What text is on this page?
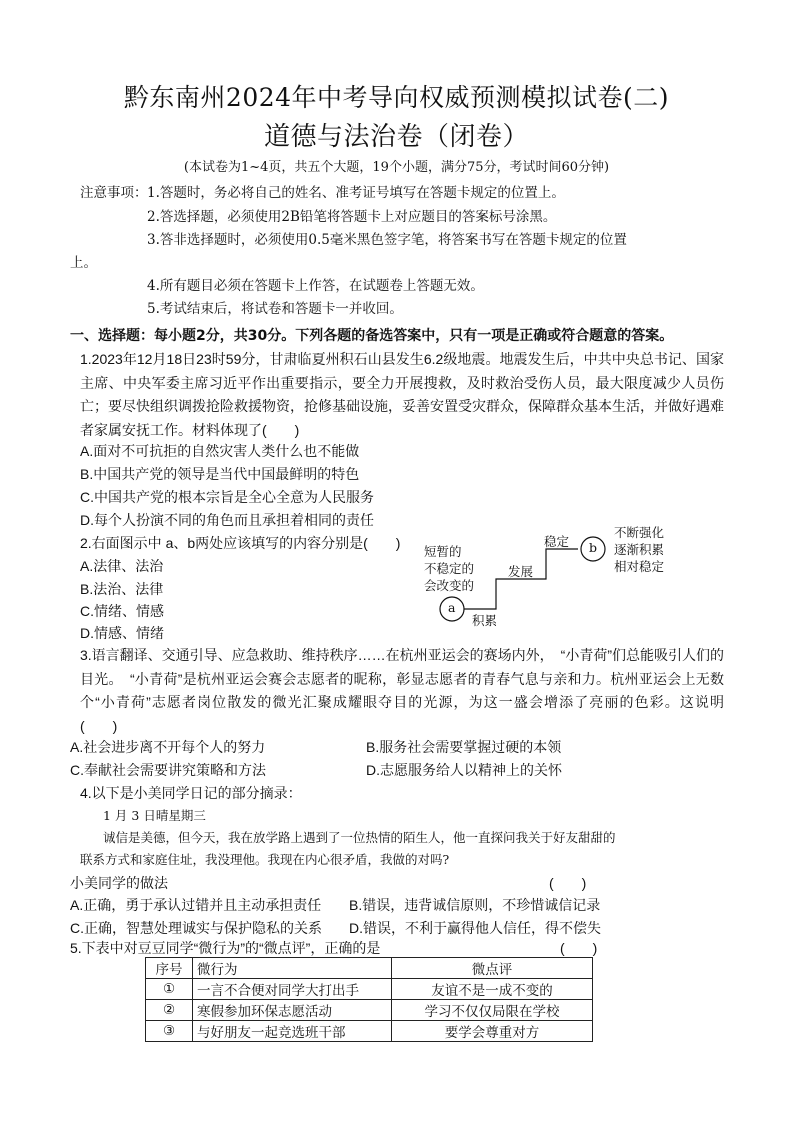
黔东南州2024年中考导向权威预测模拟试卷(二)
道德与法治卷（闭卷）
(本试卷为1~4页，共五个大题，19个小题，满分75分，考试时间60分钟)
注意事项： 1.答题时，务必将自己的姓名、准考证号填写在答题卡规定的位置上。
2.答选择题，必须使用2B铅笔将答题卡上对应题目的答案标号涂黑。
3.答非选择题时，必须使用0.5毫米黑色签字笔，将答案书写在答题卡规定的位置
上。
4.所有题目必须在答题卡上作答，在试题卷上答题无效。
5.考试结束后，将试卷和答题卡一并收回。
一、选择题：每小题2分，共30分。下列各题的备选答案中，只有一项是正确或符合题意的答案。
1.2023年12月18日23时59分，甘肃临夏州积石山县发生6.2级地震。地震发生后，中共中央总书记、国家主席、中央军委主席习近平作出重要指示，要全力开展搜救，及时救治受伤人员，最大限度减少人员伤亡；要尽快组织调拨抢险救援物资，抢修基础设施，妥善安置受灾群众，保障群众基本生活，并做好遇难者家属安抚工作。材料体现了(　　)
A.面对不可抗拒的自然灾害人类什么也不能做
B.中国共产党的领导是当代中国最鲜明的特色
C.中国共产党的根本宗旨是全心全意为人民服务
D.每个人扮演不同的角色而且承担着相同的责任
2.右面图示中 a、b两处应该填写的内容分别是(　　)
A.法律、法治
B.法治、法律
C.情绪、情感
D.情感、情绪
短暂的
不稳定的
会改变的
a
b
积累
发展
稳定
不断强化
逐渐积累
相对稳定
3.语言翻译、交通引导、应急救助、维持秩序……在杭州亚运会的赛场内外，　“小青荷”们总能吸引人们的目光。　“小青荷”是杭州亚运会赛会志愿者的昵称，彰显志愿者的青春气息与亲和力。杭州亚运会上无数个“小青荷”志愿者岗位散发的微光汇聚成耀眼夺目的光源，为这一盛会增添了亮丽的色彩。这说明　　(　　)
A.社会进步离不开每个人的努力	B.服务社会需要掌握过硬的本领
C.奉献社会需要讲究策略和方法	D.志愿服务给人以精神上的关怀
4.以下是小美同学日记的部分摘录：
1 月 3 日晴星期三
诚信是美德，但今天，我在放学路上遇到了一位热情的陌生人，他一直探问我关于好友甜甜的
联系方式和家庭住址，我没理他。我现在内心很矛盾，我做的对吗?
小美同学的做法	(　　)
A.正确，勇于承认过错并且主动承担责任 B.错误，违背诚信原则，不珍惜诚信记录
C.正确，智慧处理诚实与保护隐私的关系 D.错误，不利于赢得他人信任，得不偿失
5.下表中对豆豆同学“微行为”的“微点评”，正确的是	(　　)
序号	微行为	微点评
①	一言不合便对同学大打出手	友谊不是一成不变的
②	寒假参加环保志愿活动	学习不仅仅局限在学校
③	与好朋友一起竞选班干部	要学会尊重对方
